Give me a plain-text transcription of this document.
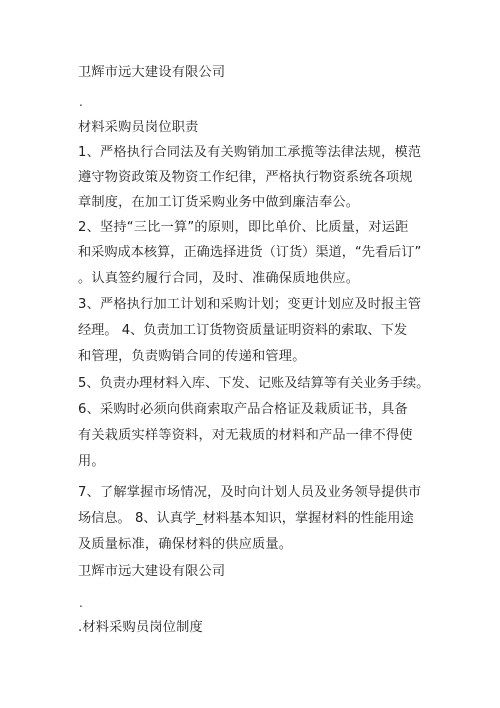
卫辉市远大建设有限公司
.
材料采购员岗位职责
1、严格执行合同法及有关购销加工承揽等法律法规，模范
遵守物资政策及物资工作纪律，严格执行物资系统各项规
章制度，在加工订货采购业务中做到廉洁奉公。
2、坚持“三比一算”的原则，即比单价、比质量，对运距
和采购成本核算，正确选择进货（订货）渠道，“先看后订”
。认真签约履行合同，及时、准确保质地供应。
3、严格执行加工计划和采购计划；变更计划应及时报主管
经理。 4、负责加工订货物资质量证明资料的索取、下发
和管理，负责购销合同的传递和管理。
5、负责办理材料入库、下发、记账及结算等有关业务手续。
6、采购时必须向供商索取产品合格证及栽质证书，具备
有关栽质实样等资料，对无栽质的材料和产品一律不得使
用。
7、了解掌握市场情况，及时向计划人员及业务领导提供市
场信息。 8、认真学_材料基本知识，掌握材料的性能用途
及质量标准，确保材料的供应质量。
卫辉市远大建设有限公司
.
.材料采购员岗位制度
